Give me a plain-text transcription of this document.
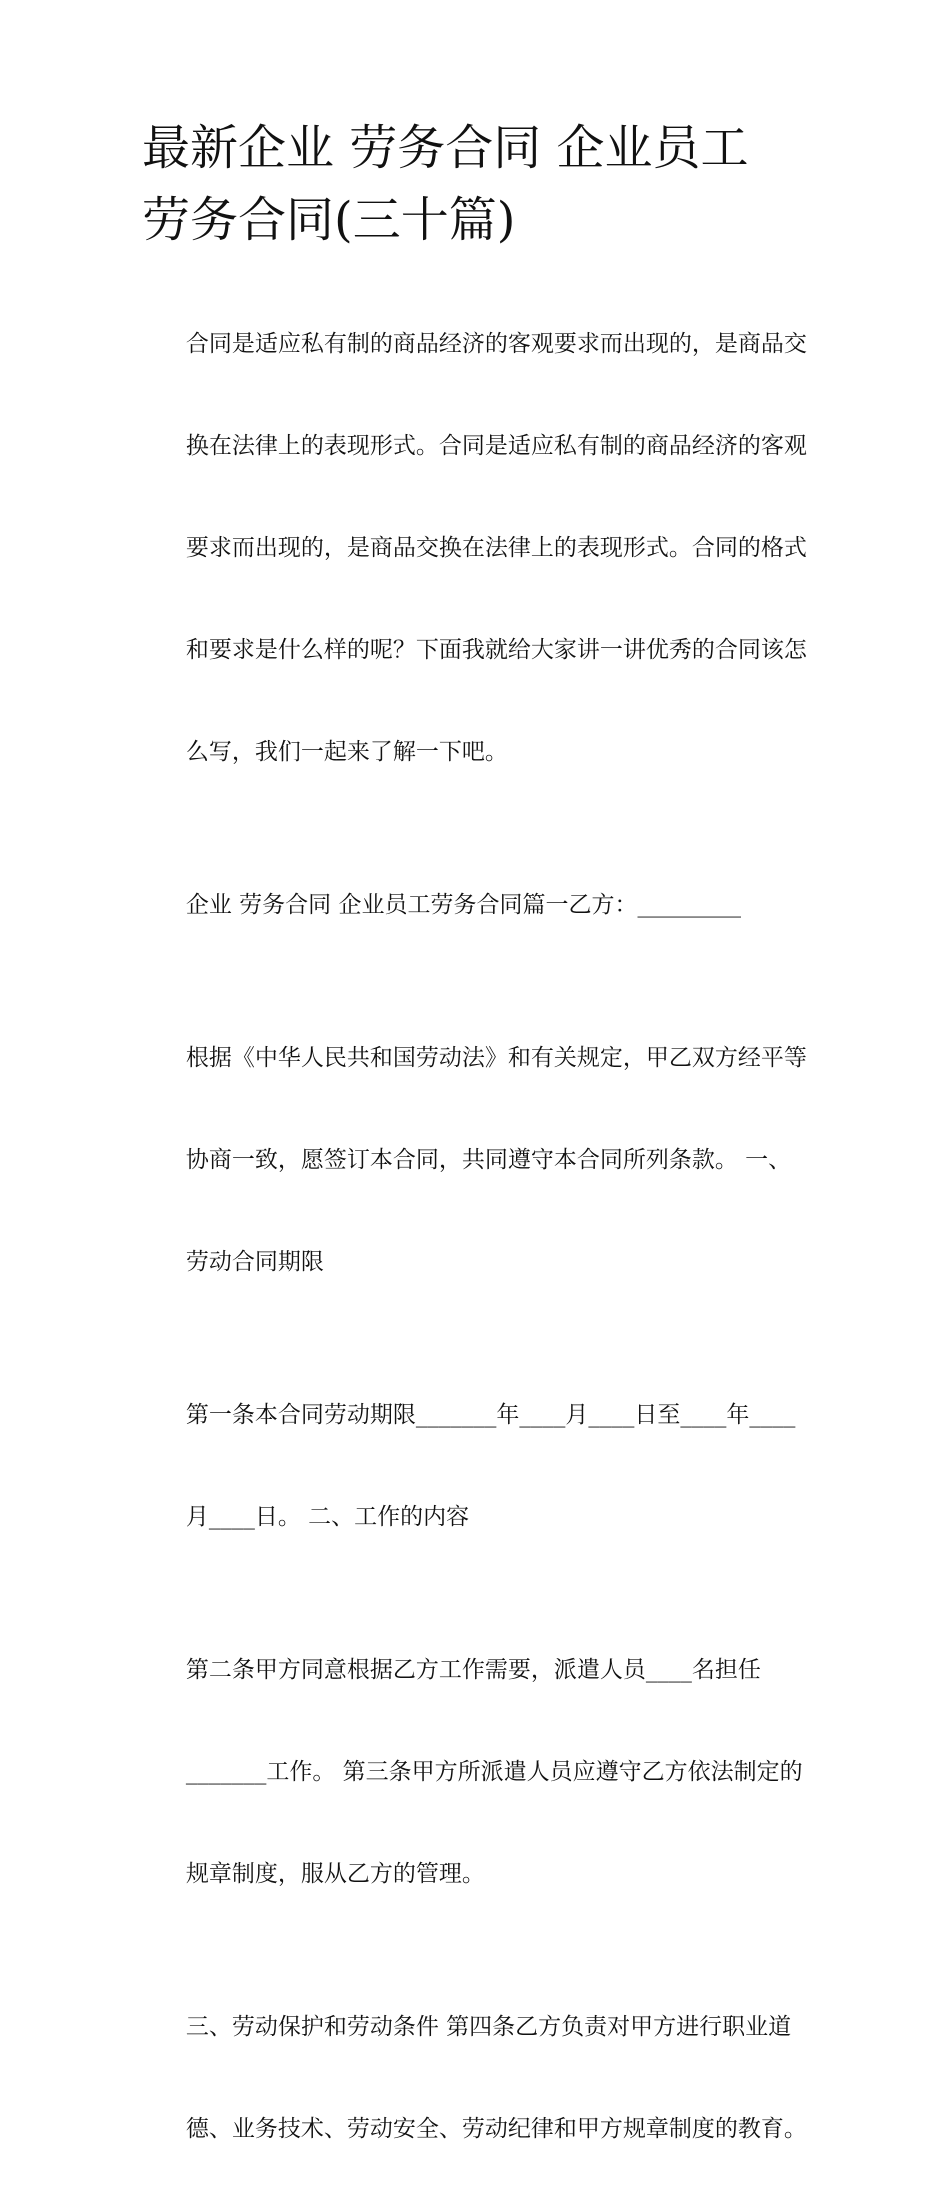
最新企业 劳务合同 企业员工
劳务合同(三十篇)

合同是适应私有制的商品经济的客观要求而出现的，是商品交

换在法律上的表现形式。合同是适应私有制的商品经济的客观

要求而出现的，是商品交换在法律上的表现形式。合同的格式

和要求是什么样的呢？下面我就给大家讲一讲优秀的合同该怎

么写，我们一起来了解一下吧。

企业 劳务合同 企业员工劳务合同篇一乙方：_________

根据《中华人民共和国劳动法》和有关规定，甲乙双方经平等

协商一致，愿签订本合同，共同遵守本合同所列条款。 一、

劳动合同期限

第一条本合同劳动期限_______年____月____日至____年____

月____日。 二、工作的内容

第二条甲方同意根据乙方工作需要，派遣人员____名担任

_______工作。 第三条甲方所派遣人员应遵守乙方依法制定的

规章制度，服从乙方的管理。

三、劳动保护和劳动条件 第四条乙方负责对甲方进行职业道

德、业务技术、劳动安全、劳动纪律和甲方规章制度的教育。
